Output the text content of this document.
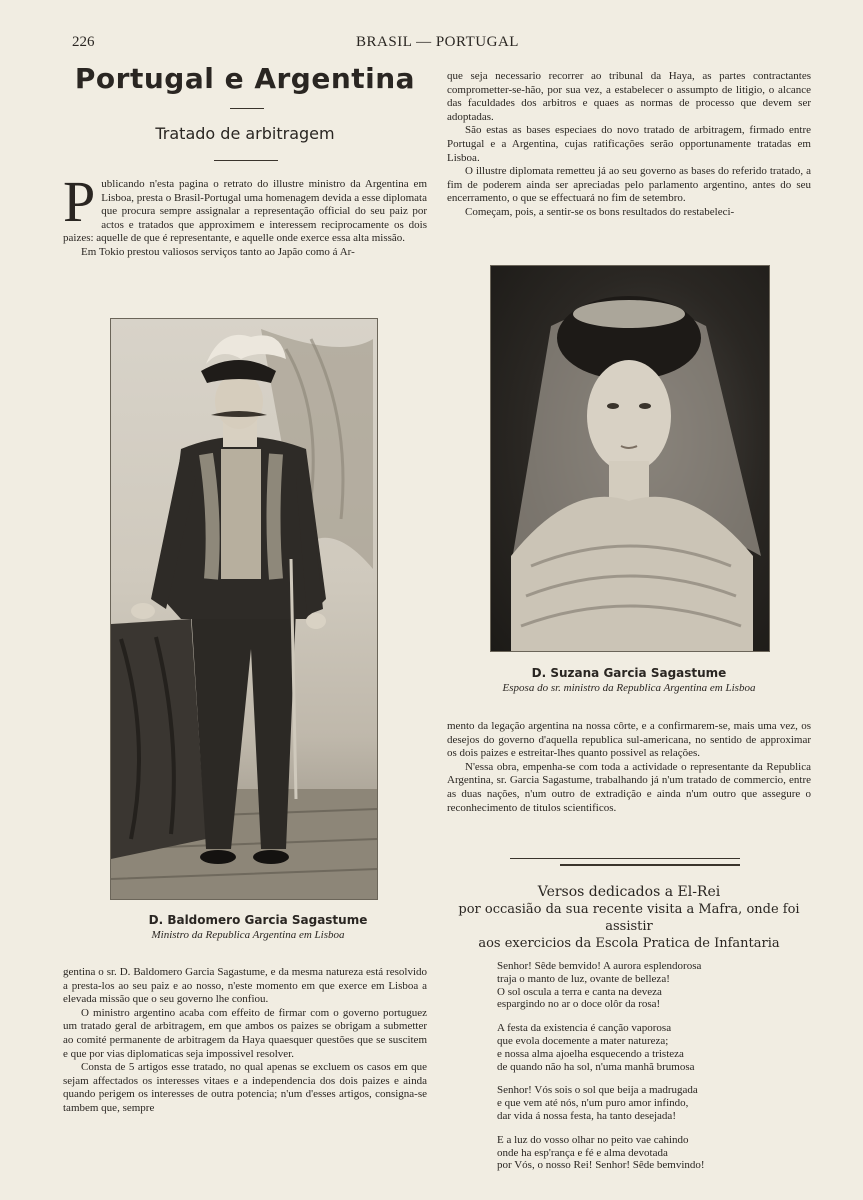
226	BRASIL — PORTUGAL
Portugal e Argentina
Tratado de arbitragem
P ublicando n'esta pagina o retrato do illustre ministro da Argentina em Lisboa, presta o Brasil-Portugal uma homenagem devida a esse diplomata que procura sempre assignalar a representação official do seu paiz por actos e tratados que approximem e interessem reciprocamente os dois paizes: aquelle de que é representante, e aquelle onde exerce essa alta missão.

Em Tokio prestou valiosos serviços tanto ao Japão como á Ar-

D. Baldomero Garcia Sagastume
Ministro da Republica Argentina em Lisboa

gentina o sr. D. Baldomero Garcia Sagastume, e da mesma natureza está resolvido a presta-los ao seu paiz e ao nosso, n'este momento em que exerce em Lisboa a elevada missão que o seu governo lhe confiou.

O ministro argentino acaba com effeito de firmar com o governo portuguez um tratado geral de arbitragem, em que ambos os paizes se obrigam a submetter ao comité permanente de arbitragem da Haya quaesquer questões que se suscitem e que por vias diplomaticas seja impossivel resolver.

Consta de 5 artigos esse tratado, no qual apenas se excluem os casos em que sejam affectados os interesses vitaes e a independencia dos dois paizes e ainda quando perigem os interesses de outra potencia; n'um d'esses artigos, consigna-se tambem que, sempre

que seja necessario recorrer ao tribunal da Haya, as partes contractantes comprometter-se-hão, por sua vez, a estabelecer o assumpto de litigio, o alcance das faculdades dos arbitros e quaes as normas de processo que devem ser adoptadas.

São estas as bases especiaes do novo tratado de arbitragem, firmado entre Portugal e a Argentina, cujas ratificações serão opportunamente tratadas em Lisboa.

O illustre diplomata remetteu já ao seu governo as bases do referido tratado, a fim de poderem ainda ser apreciadas pelo parlamento argentino, antes do seu encerramento, o que se effectuará no fim de setembro.

Começam, pois, a sentir-se os bons resultados do restabeleci-

D. Suzana Garcia Sagastume
Esposa do sr. ministro da Republica Argentina em Lisboa

mento da legação argentina na nossa côrte, e a confirmarem-se, mais uma vez, os desejos do governo d'aquella republica sul-americana, no sentido de approximar os dois paizes e estreitar-lhes quanto possivel as relações.

N'essa obra, empenha-se com toda a actividade o representante da Republica Argentina, sr. Garcia Sagastume, trabalhando já n'um tratado de commercio, entre as duas nações, n'um outro de extradição e ainda n'um outro que assegure o reconhecimento de titulos scientificos.

Versos dedicados a El-Rei
por occasião da sua recente visita a Mafra, onde foi assistir
aos exercicios da Escola Pratica de Infantaria
Senhor! Sêde bemvido! A aurora esplendorosa
traja o manto de luz, ovante de belleza!
O sol oscula a terra e canta na deveza
espargindo no ar o doce olôr da rosa!
A festa da existencia é canção vaporosa
que evola docemente a mater natureza;
e nossa alma ajoelha esquecendo a tristeza
de quando não ha sol, n'uma manhã brumosa
Senhor! Vós sois o sol que beija a madrugada
e que vem até nós, n'um puro amor infindo,
dar vida á nossa festa, ha tanto desejada!
E a luz do vosso olhar no peito vae cahindo
onde ha esp'rança e fé e alma devotada
por Vós, o nosso Rei! Senhor! Sêde bemvindo!
